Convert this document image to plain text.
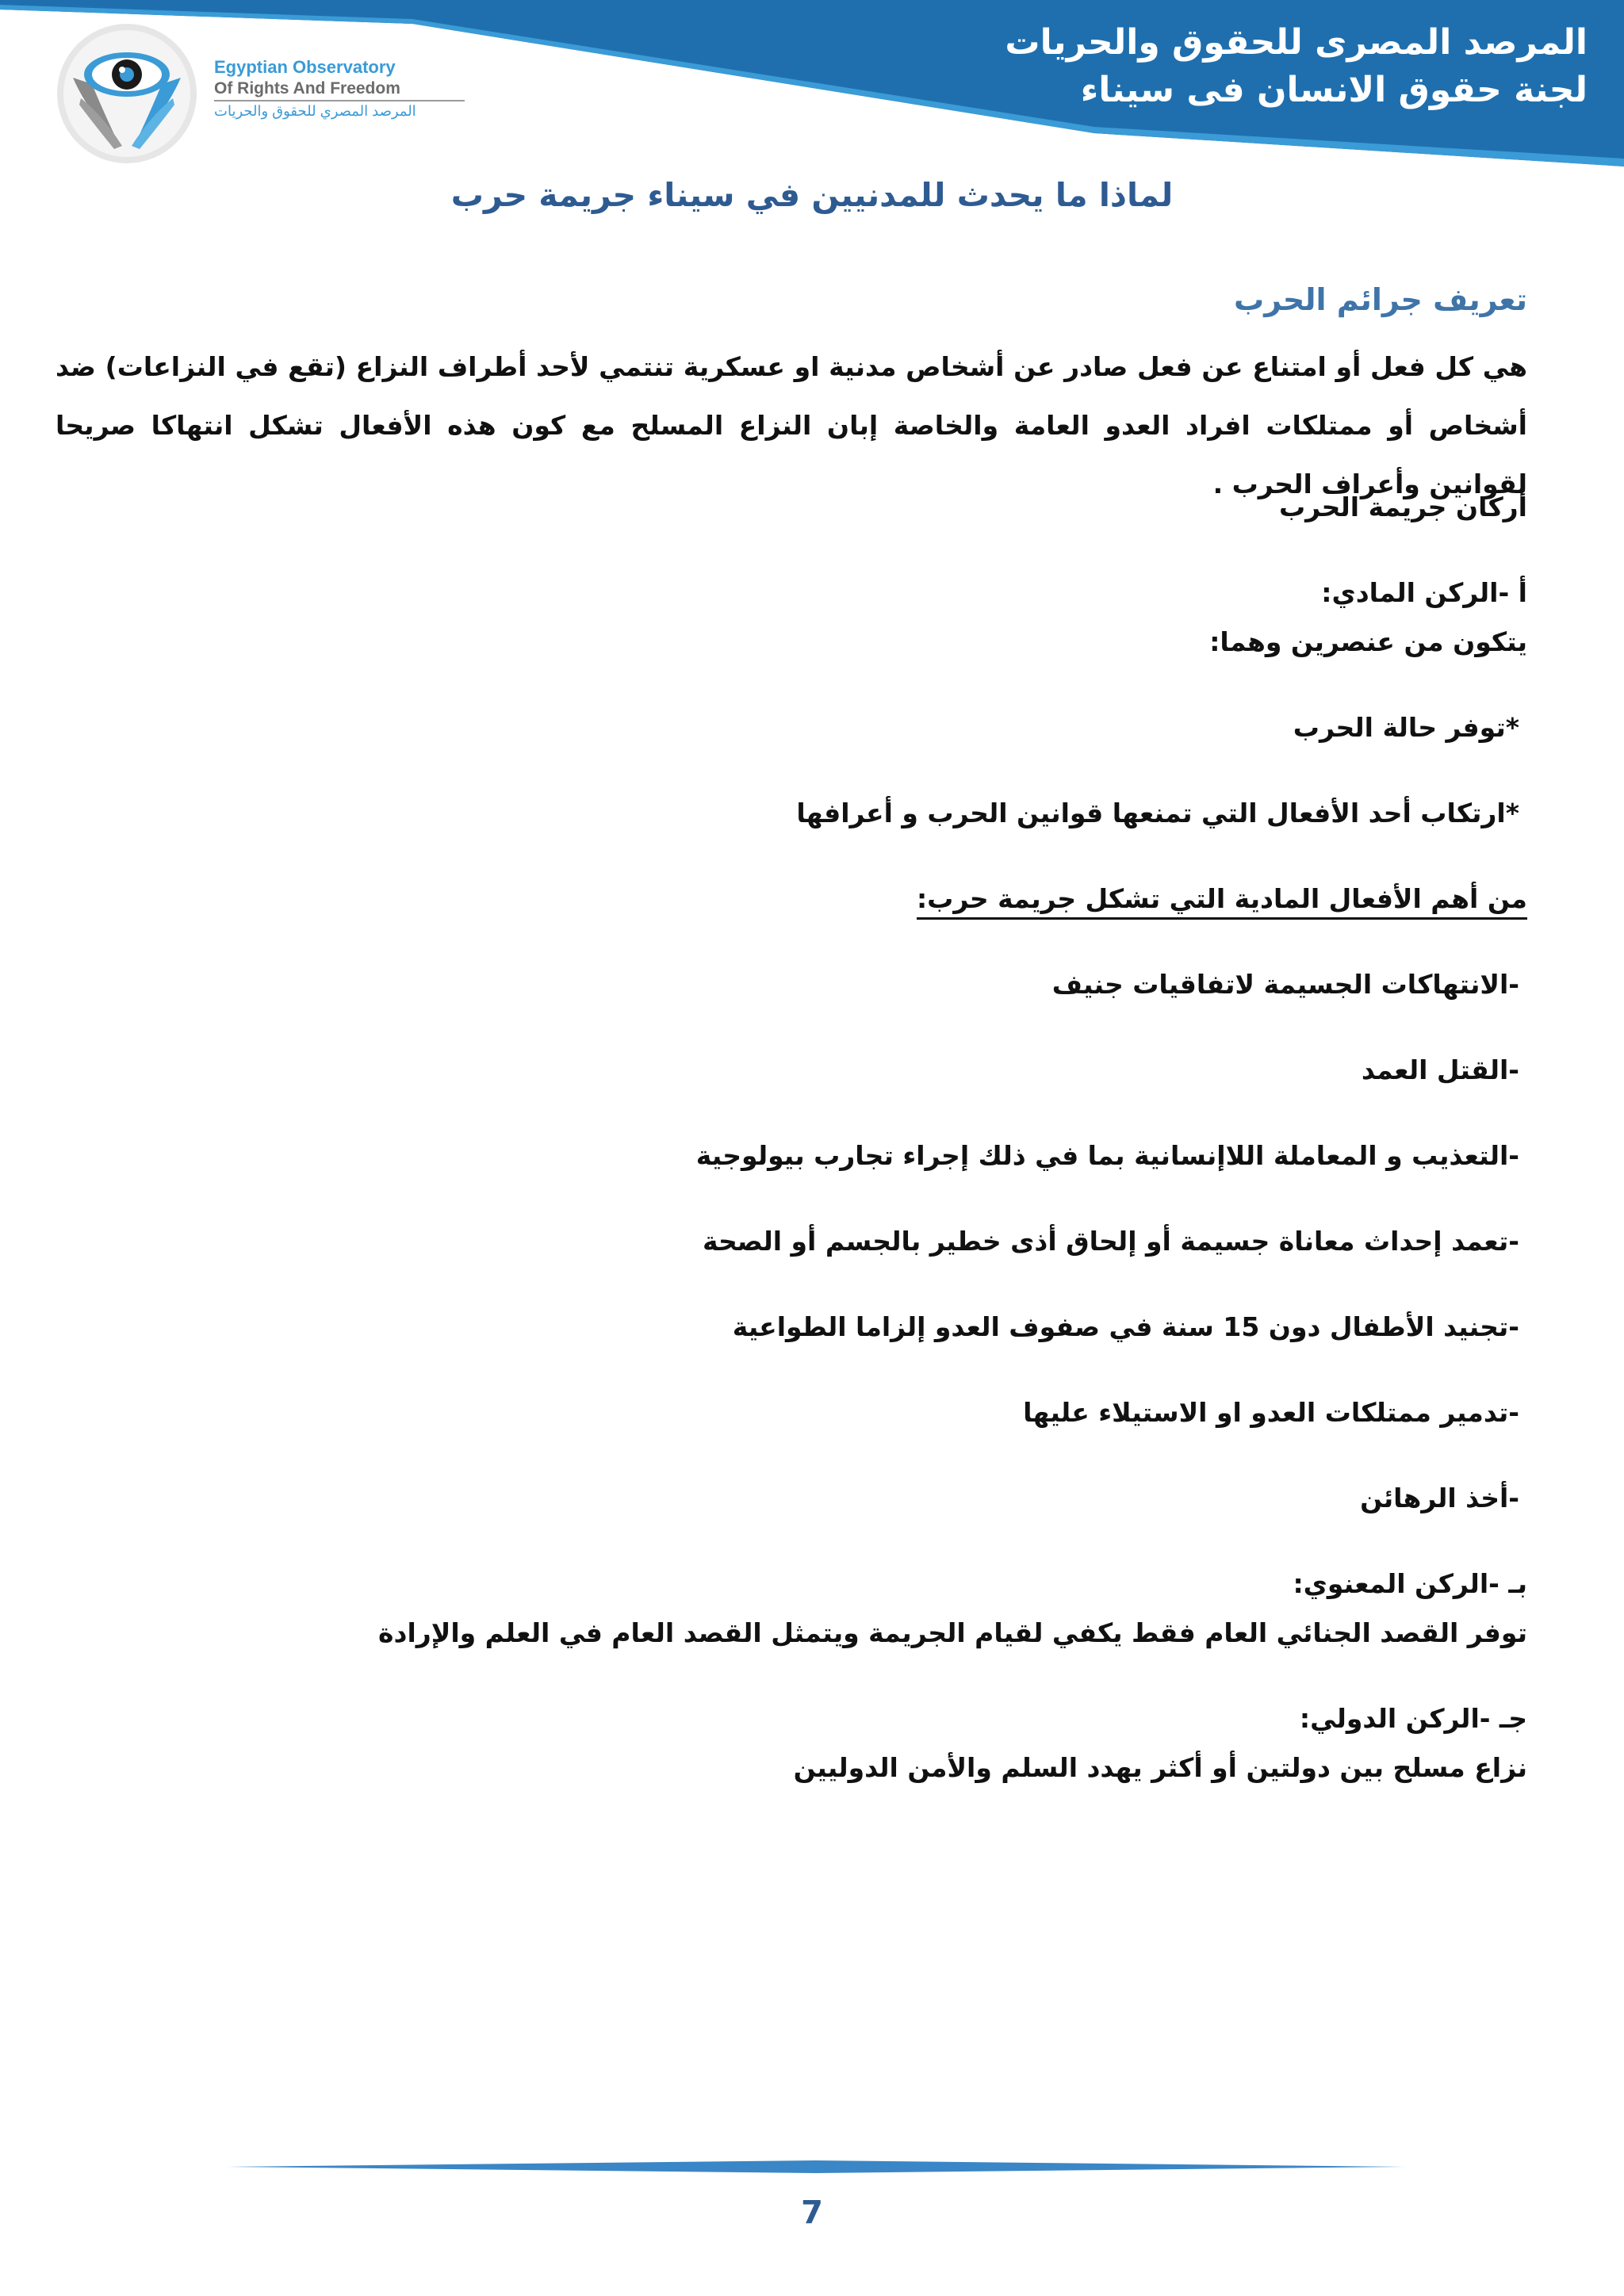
المرصد المصرى للحقوق والحريات
لجنة حقوق الانسان فى سيناء
Egyptian Observatory
Of Rights And Freedom
المرصد المصري للحقوق والحريات
لماذا ما يحدث للمدنيين في سيناء جريمة حرب
تعريف جرائم الحرب

هي كل فعل أو امتناع عن فعل صادر عن أشخاص مدنية او عسكرية تنتمي لأحد أطراف النزاع (تقع في النزاعات) ضد أشخاص أو ممتلكات افراد العدو العامة والخاصة إبان النزاع المسلح مع كون هذه الأفعال تشكل انتهاكا صريحا لقوانين وأعراف الحرب .

أركان جريمة الحرب

أ -الركن المادي:

يتكون من عنصرين وهما:

*توفر حالة الحرب

*ارتكاب أحد الأفعال التي تمنعها قوانين الحرب و أعرافها

من أهم الأفعال المادية التي تشكل جريمة حرب:

-الانتهاكات الجسيمة لاتفاقيات جنيف

-القتل العمد

-التعذيب و المعاملة اللاإنسانية بما في ذلك إجراء تجارب بيولوجية

-تعمد إحداث معاناة جسيمة أو إلحاق أذى خطير بالجسم أو الصحة

-تجنيد الأطفال دون 15 سنة في صفوف العدو إلزاما الطواعية

-تدمير ممتلكات العدو او الاستيلاء عليها

-أخذ الرهائن

بـ -الركن المعنوي:

توفر القصد الجنائي العام فقط يكفي لقيام الجريمة ويتمثل القصد العام في العلم والإرادة

جـ -الركن الدولي:

نزاع مسلح بين دولتين أو أكثر يهدد السلم والأمن الدوليين

7
